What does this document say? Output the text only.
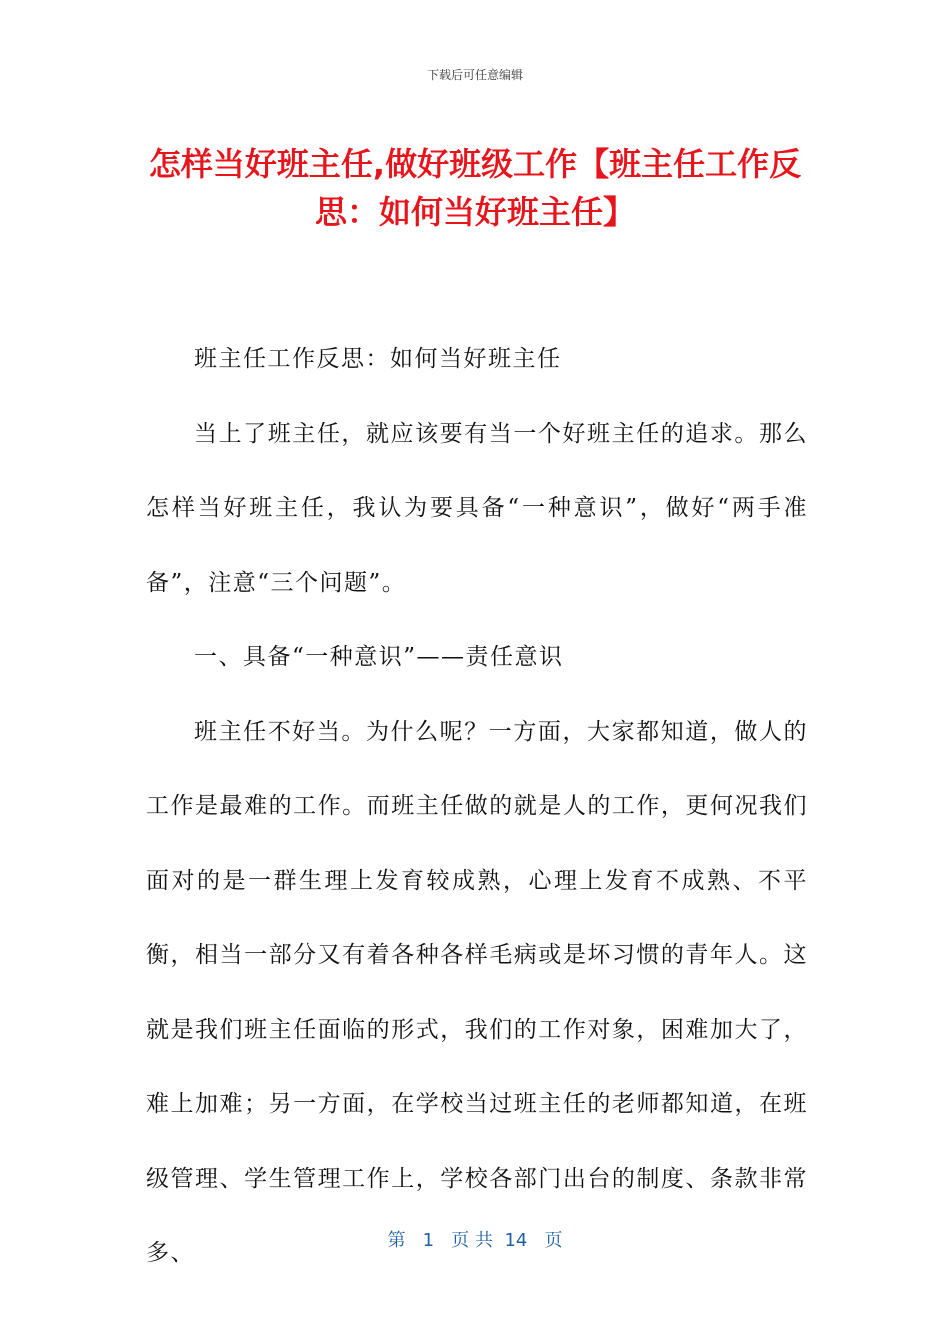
下载后可任意编辑
怎样当好班主任,做好班级工作【班主任工作反思：如何当好班主任】

班主任工作反思：如何当好班主任

当上了班主任，就应该要有当一个好班主任的追求。那么怎样当好班主任，我认为要具备“一种意识”，做好“两手准备”，注意“三个问题”。

一、具备“一种意识”——责任意识

班主任不好当。为什么呢？一方面，大家都知道，做人的工作是最难的工作。而班主任做的就是人的工作，更何况我们面对的是一群生理上发育较成熟，心理上发育不成熟、不平衡，相当一部分又有着各种各样毛病或是坏习惯的青年人。这就是我们班主任面临的形式，我们的工作对象，困难加大了，难上加难；另一方面，在学校当过班主任的老师都知道，在班级管理、学生管理工作上，学校各部门出台的制度、条款非常多、	第 1 页 共 14 页
